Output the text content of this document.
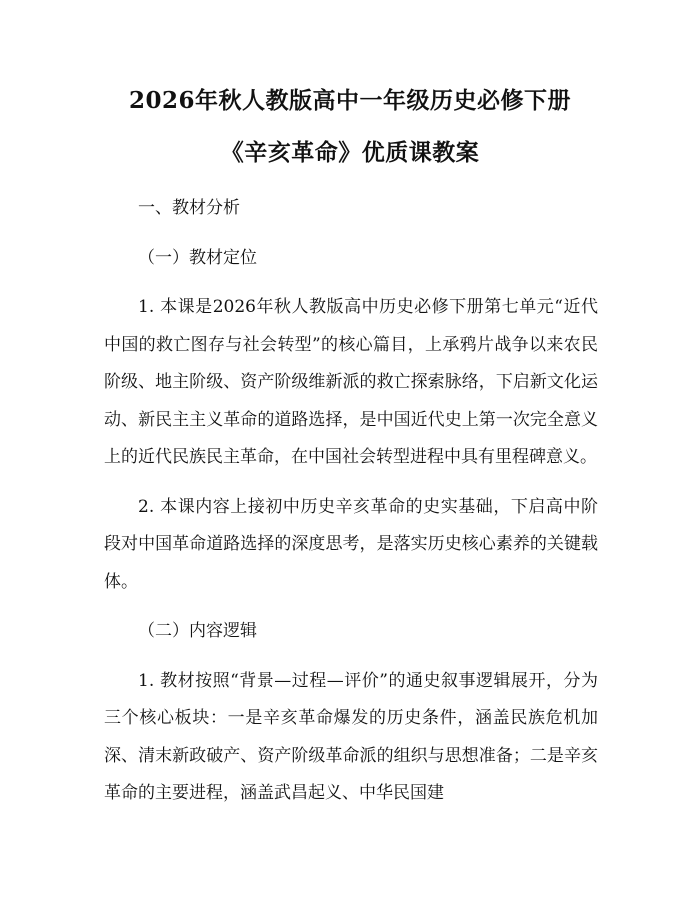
2026年秋人教版高中一年级历史必修下册
《辛亥革命》优质课教案

一、教材分析

（一）教材定位

1. 本课是2026年秋人教版高中历史必修下册第七单元“近代中国的救亡图存与社会转型”的核心篇目，上承鸦片战争以来农民阶级、地主阶级、资产阶级维新派的救亡探索脉络，下启新文化运动、新民主主义革命的道路选择，是中国近代史上第一次完全意义上的近代民族民主革命，在中国社会转型进程中具有里程碑意义。

2. 本课内容上接初中历史辛亥革命的史实基础，下启高中阶段对中国革命道路选择的深度思考，是落实历史核心素养的关键载体。

（二）内容逻辑

1. 教材按照“背景—过程—评价”的通史叙事逻辑展开，分为三个核心板块：一是辛亥革命爆发的历史条件，涵盖民族危机加深、清末新政破产、资产阶级革命派的组织与思想准备；二是辛亥革命的主要进程，涵盖武昌起义、中华民国建
